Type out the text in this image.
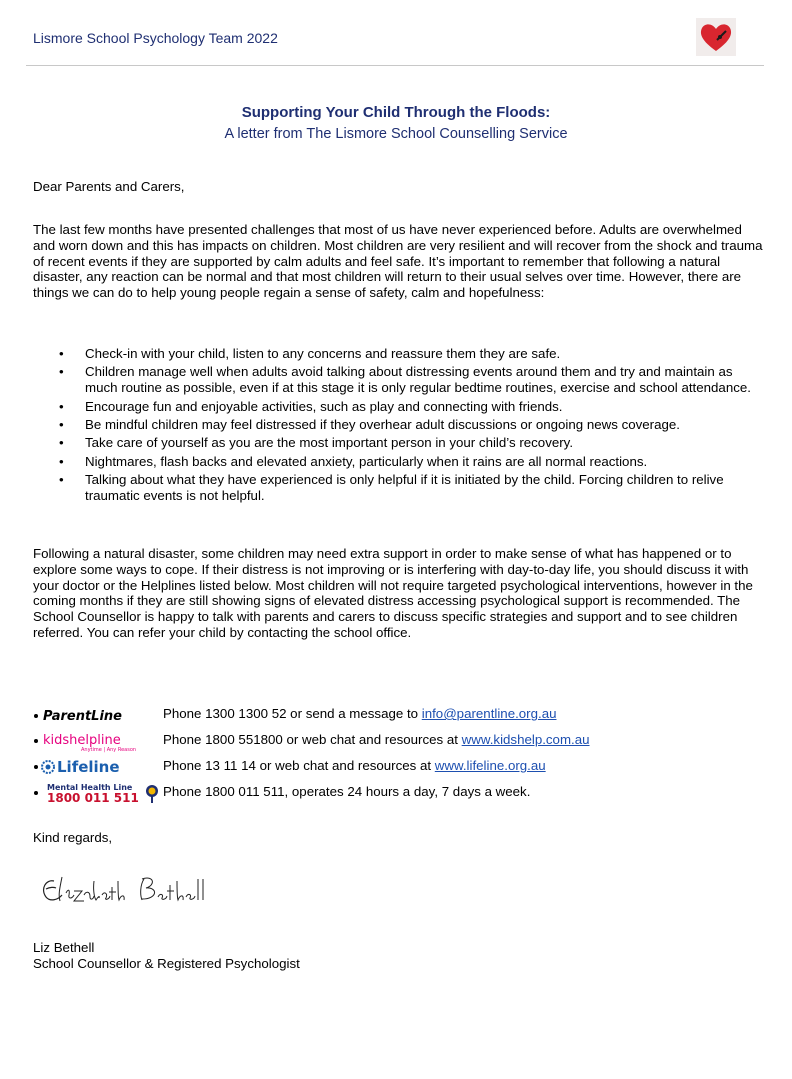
Lismore School Psychology Team 2022
Supporting Your Child Through the Floods:
A letter from The Lismore School Counselling Service
Dear Parents and Carers,
The last few months have presented challenges that most of us have never experienced before. Adults are overwhelmed and worn down and this has impacts on children. Most children are very resilient and will recover from the shock and trauma of recent events if they are supported by calm adults and feel safe. It’s important to remember that following a natural disaster, any reaction can be normal and that most children will return to their usual selves over time. However, there are things we can do to help young people regain a sense of safety, calm and hopefulness:
• Check-in with your child, listen to any concerns and reassure them they are safe.
• Children manage well when adults avoid talking about distressing events around them and try and maintain as much routine as possible, even if at this stage it is only regular bedtime routines, exercise and school attendance.
• Encourage fun and enjoyable activities, such as play and connecting with friends.
• Be mindful children may feel distressed if they overhear adult discussions or ongoing news coverage.
• Take care of yourself as you are the most important person in your child’s recovery.
• Nightmares, flash backs and elevated anxiety, particularly when it rains are all normal reactions.
• Talking about what they have experienced is only helpful if it is initiated by the child. Forcing children to relive traumatic events is not helpful.
Following a natural disaster, some children may need extra support in order to make sense of what has happened or to explore some ways to cope. If their distress is not improving or is interfering with day-to-day life, you should discuss it with your doctor or the Helplines listed below. Most children will not require targeted psychological interventions, however in the coming months if they are still showing signs of elevated distress accessing psychological support is recommended. The School Counsellor is happy to talk with parents and carers to discuss specific strategies and support and to see children referred. You can refer your child by contacting the school office.
ParentLine	Phone 1300 1300 52 or send a message to info@parentline.org.au
kidshelpline
Anytime | Any Reason
Phone 1800 551800 or web chat and resources at www.kidshelp.com.au
Lifeline	Phone 13 11 14 or web chat and resources at www.lifeline.org.au
Mental Health Line
1800 011 511 Phone 1800 011 511, operates 24 hours a day, 7 days a week.
Kind regards,
Liz Bethell
School Counsellor & Registered Psychologist
